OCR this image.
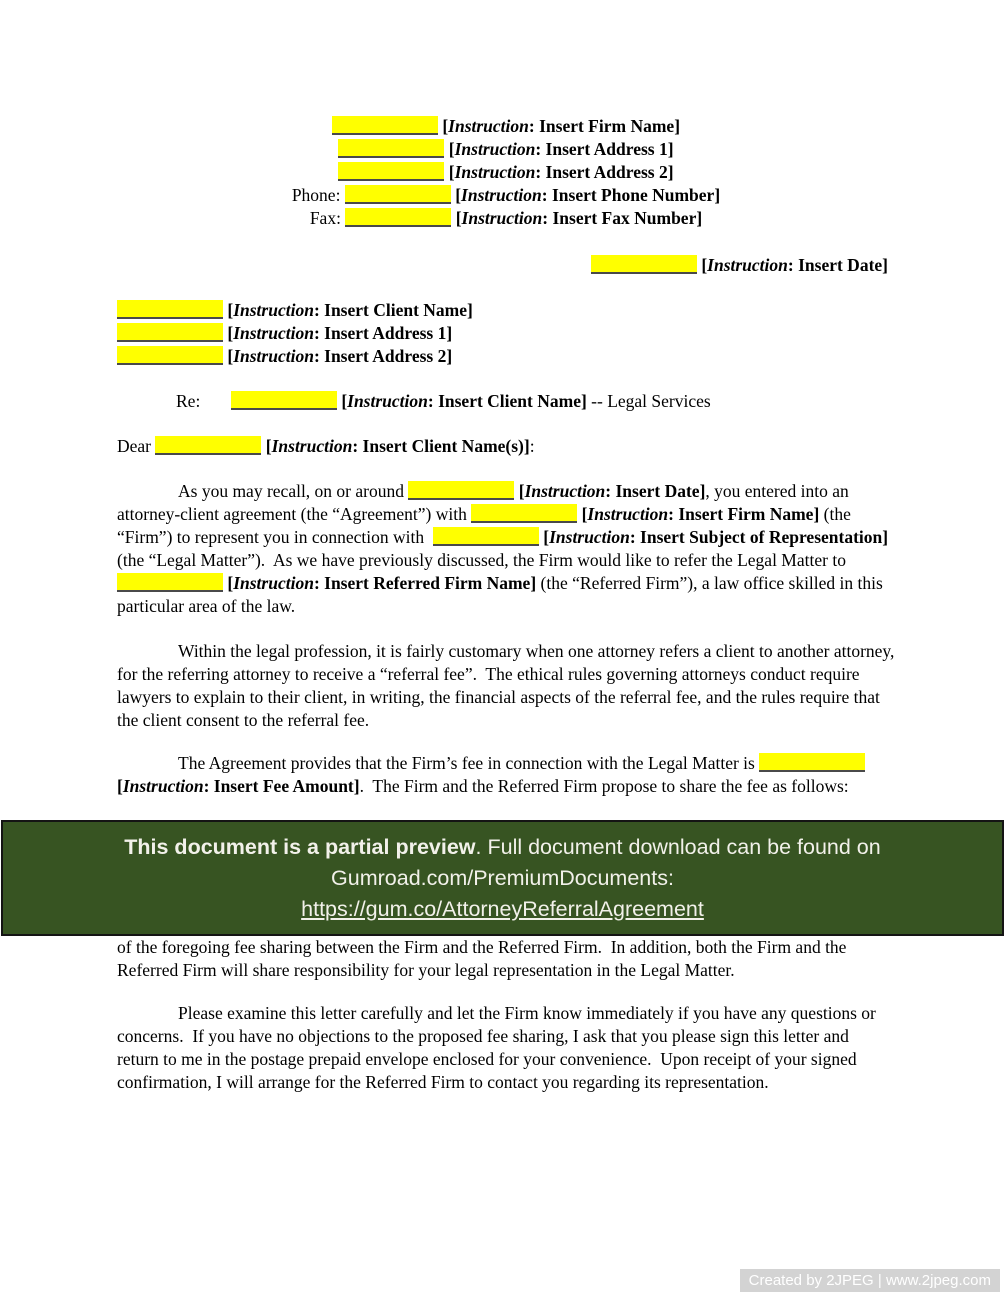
[Instruction: Insert Firm Name]
[Instruction: Insert Address 1]
[Instruction: Insert Address 2]
Phone:	[Instruction: Insert Phone Number]
Fax:	[Instruction: Insert Fax Number]
[Instruction: Insert Date]
[Instruction: Insert Client Name]
[Instruction: Insert Address 1]
[Instruction: Insert Address 2]
Re:	[Instruction: Insert Client Name] -- Legal Services
Dear	[Instruction: Insert Client Name(s)]:
As you may recall, on or around	[Instruction: Insert Date], you entered into an attorney-client agreement (the “Agreement”) with	[Instruction: Insert Firm Name] (the “Firm”) to represent you in connection with	[Instruction: Insert Subject of Representation] (the “Legal Matter”).  As we have previously discussed, the Firm would like to refer the Legal Matter to  [Instruction: Insert Referred Firm Name] (the “Referred Firm”), a law office skilled in this particular area of the law.
Within the legal profession, it is fairly customary when one attorney refers a client to another attorney, for the referring attorney to receive a “referral fee”.  The ethical rules governing attorneys conduct require lawyers to explain to their client, in writing, the financial aspects of the referral fee, and the rules require that the client consent to the referral fee.
The Agreement provides that the Firm’s fee in connection with the Legal Matter is  [Instruction: Insert Fee Amount].  The Firm and the Referred Firm propose to share the fee as follows:
This document is a partial preview. Full document download can be found on
Gumroad.com/PremiumDocuments:
https://gum.co/AttorneyReferralAgreement
of the foregoing fee sharing between the Firm and the Referred Firm.  In addition, both the Firm and the Referred Firm will share responsibility for your legal representation in the Legal Matter.
Please examine this letter carefully and let the Firm know immediately if you have any questions or concerns.  If you have no objections to the proposed fee sharing, I ask that you please sign this letter and return to me in the postage prepaid envelope enclosed for your convenience.  Upon receipt of your signed confirmation, I will arrange for the Referred Firm to contact you regarding its representation.
Created by 2JPEG | www.2jpeg.com
